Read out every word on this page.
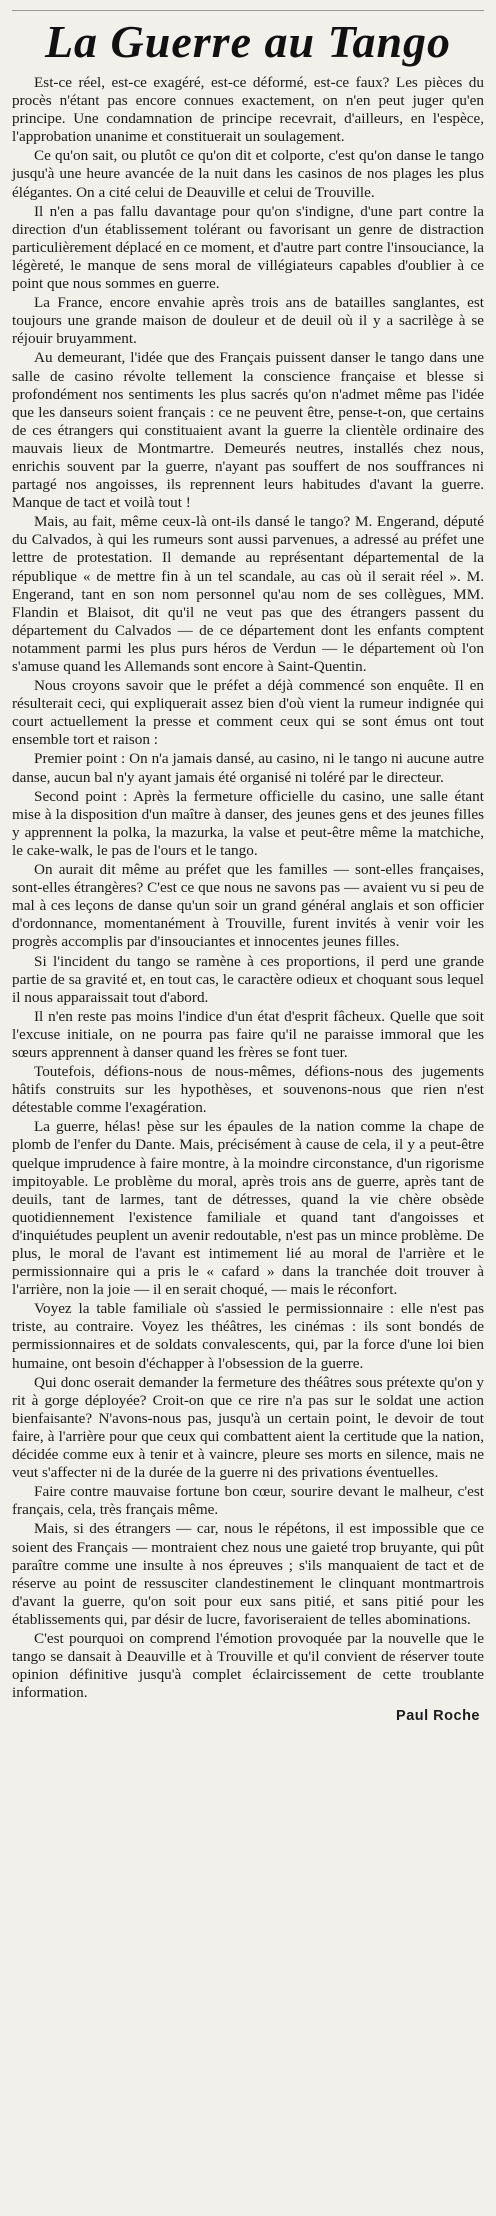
La Guerre au Tango

Est-ce réel, est-ce exagéré, est-ce déformé, est-ce faux? Les pièces du procès n'étant pas encore connues exactement, on n'en peut juger qu'en principe. Une condamnation de principe recevrait, d'ailleurs, en l'espèce, l'approbation unanime et constituerait un soulagement.

Ce qu'on sait, ou plutôt ce qu'on dit et colporte, c'est qu'on danse le tango jusqu'à une heure avancée de la nuit dans les casinos de nos plages les plus élégantes. On a cité celui de Deauville et celui de Trouville.

Il n'en a pas fallu davantage pour qu'on s'indigne, d'une part contre la direction d'un établissement tolérant ou favorisant un genre de distraction particulièrement déplacé en ce moment, et d'autre part contre l'insouciance, la légèreté, le manque de sens moral de villégiateurs capables d'oublier à ce point que nous sommes en guerre.

La France, encore envahie après trois ans de batailles sanglantes, est toujours une grande maison de douleur et de deuil où il y a sacrilège à se réjouir bruyamment.

Au demeurant, l'idée que des Français puissent danser le tango dans une salle de casino révolte tellement la conscience française et blesse si profondément nos sentiments les plus sacrés qu'on n'admet même pas l'idée que les danseurs soient français : ce ne peuvent être, pense-t-on, que certains de ces étrangers qui constituaient avant la guerre la clientèle ordinaire des mauvais lieux de Montmartre. Demeurés neutres, installés chez nous, enrichis souvent par la guerre, n'ayant pas souffert de nos souffrances ni partagé nos angoisses, ils reprennent leurs habitudes d'avant la guerre. Manque de tact et voilà tout !

Mais, au fait, même ceux-là ont-ils dansé le tango? M. Engerand, député du Calvados, à qui les rumeurs sont aussi parvenues, a adressé au préfet une lettre de protestation. Il demande au représentant départemental de la république « de mettre fin à un tel scandale, au cas où il serait réel ». M. Engerand, tant en son nom personnel qu'au nom de ses collègues, MM. Flandin et Blaisot, dit qu'il ne veut pas que des étrangers passent du département du Calvados — de ce département dont les enfants comptent notamment parmi les plus purs héros de Verdun — le département où l'on s'amuse quand les Allemands sont encore à Saint-Quentin.

Nous croyons savoir que le préfet a déjà commencé son enquête. Il en résulterait ceci, qui expliquerait assez bien d'où vient la rumeur indignée qui court actuellement la presse et comment ceux qui se sont émus ont tout ensemble tort et raison :

Premier point : On n'a jamais dansé, au casino, ni le tango ni aucune autre danse, aucun bal n'y ayant jamais été organisé ni toléré par le directeur.

Second point : Après la fermeture officielle du casino, une salle étant mise à la disposition d'un maître à danser, des jeunes gens et des jeunes filles y apprennent la polka, la mazurka, la valse et peut-être même la matchiche, le cake-walk, le pas de l'ours et le tango.

On aurait dit même au préfet que les familles — sont-elles françaises, sont-elles étrangères? C'est ce que nous ne savons pas — avaient vu si peu de mal à ces leçons de danse qu'un soir un grand général anglais et son officier d'ordonnance, momentanément à Trouville, furent invités à venir voir les progrès accomplis par d'insouciantes et innocentes jeunes filles.

Si l'incident du tango se ramène à ces proportions, il perd une grande partie de sa gravité et, en tout cas, le caractère odieux et choquant sous lequel il nous apparaissait tout d'abord.

Il n'en reste pas moins l'indice d'un état d'esprit fâcheux. Quelle que soit l'excuse initiale, on ne pourra pas faire qu'il ne paraisse immoral que les sœurs apprennent à danser quand les frères se font tuer.

Toutefois, défions-nous de nous-mêmes, défions-nous des jugements hâtifs construits sur les hypothèses, et souvenons-nous que rien n'est détestable comme l'exagération.

La guerre, hélas! pèse sur les épaules de la nation comme la chape de plomb de l'enfer du Dante. Mais, précisément à cause de cela, il y a peut-être quelque imprudence à faire montre, à la moindre circonstance, d'un rigorisme impitoyable. Le problème du moral, après trois ans de guerre, après tant de deuils, tant de larmes, tant de détresses, quand la vie chère obsède quotidiennement l'existence familiale et quand tant d'angoisses et d'inquiétudes peuplent un avenir redoutable, n'est pas un mince problème. De plus, le moral de l'avant est intimement lié au moral de l'arrière et le permissionnaire qui a pris le « cafard » dans la tranchée doit trouver à l'arrière, non la joie — il en serait choqué, — mais le réconfort.

Voyez la table familiale où s'assied le permissionnaire : elle n'est pas triste, au contraire. Voyez les théâtres, les cinémas : ils sont bondés de permissionnaires et de soldats convalescents, qui, par la force d'une loi bien humaine, ont besoin d'échapper à l'obsession de la guerre.

Qui donc oserait demander la fermeture des théâtres sous prétexte qu'on y rit à gorge déployée? Croit-on que ce rire n'a pas sur le soldat une action bienfaisante? N'avons-nous pas, jusqu'à un certain point, le devoir de tout faire, à l'arrière pour que ceux qui combattent aient la certitude que la nation, décidée comme eux à tenir et à vaincre, pleure ses morts en silence, mais ne veut s'affecter ni de la durée de la guerre ni des privations éventuelles.

Faire contre mauvaise fortune bon cœur, sourire devant le malheur, c'est français, cela, très français même.

Mais, si des étrangers — car, nous le répétons, il est impossible que ce soient des Français — montraient chez nous une gaieté trop bruyante, qui pût paraître comme une insulte à nos épreuves ; s'ils manquaient de tact et de réserve au point de ressusciter clandestinement le clinquant montmartrois d'avant la guerre, qu'on soit pour eux sans pitié, et sans pitié pour les établissements qui, par désir de lucre, favoriseraient de telles abominations.

C'est pourquoi on comprend l'émotion provoquée par la nouvelle que le tango se dansait à Deauville et à Trouville et qu'il convient de réserver toute opinion définitive jusqu'à complet éclaircissement de cette troublante information.

Paul Roche
